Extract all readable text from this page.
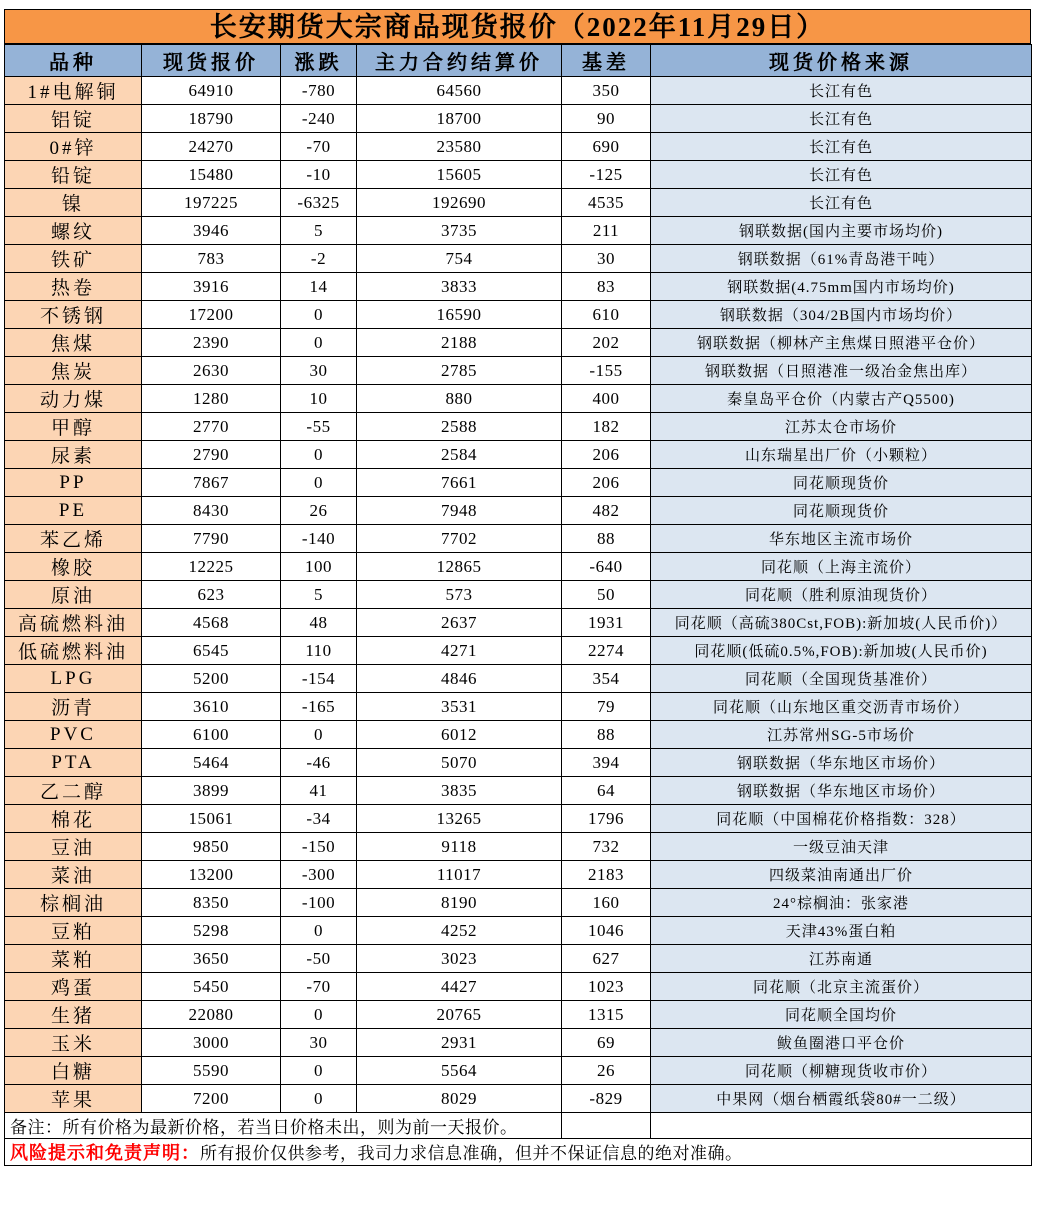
长安期货大宗商品现货报价（2022年11月29日）
品种	现货报价	涨跌	主力合约结算价	基差	现货价格来源
1#电解铜	64910	-780	64560	350	长江有色
铝锭	18790	-240	18700	90	长江有色
0#锌	24270	-70	23580	690	长江有色
铅锭	15480	-10	15605	-125	长江有色
镍	197225	-6325	192690	4535	长江有色
螺纹	3946	5	3735	211	钢联数据(国内主要市场均价)
铁矿	783	-2	754	30	钢联数据（61%青岛港干吨）
热卷	3916	14	3833	83	钢联数据(4.75mm国内市场均价)
不锈钢	17200	0	16590	610	钢联数据（304/2B国内市场均价）
焦煤	2390	0	2188	202	钢联数据（柳林产主焦煤日照港平仓价）
焦炭	2630	30	2785	-155	钢联数据（日照港准一级冶金焦出库）
动力煤	1280	10	880	400	秦皇岛平仓价（内蒙古产Q5500)
甲醇	2770	-55	2588	182	江苏太仓市场价
尿素	2790	0	2584	206	山东瑞星出厂价（小颗粒）
PP	7867	0	7661	206	同花顺现货价
PE	8430	26	7948	482	同花顺现货价
苯乙烯	7790	-140	7702	88	华东地区主流市场价
橡胶	12225	100	12865	-640	同花顺（上海主流价）
原油	623	5	573	50	同花顺（胜利原油现货价）
高硫燃料油	4568	48	2637	1931	同花顺（高硫380Cst,FOB):新加坡(人民币价)）
低硫燃料油	6545	110	4271	2274	同花顺(低硫0.5%,FOB):新加坡(人民币价)
LPG	5200	-154	4846	354	同花顺（全国现货基准价）
沥青	3610	-165	3531	79	同花顺（山东地区重交沥青市场价）
PVC	6100	0	6012	88	江苏常州SG-5市场价
PTA	5464	-46	5070	394	钢联数据（华东地区市场价）
乙二醇	3899	41	3835	64	钢联数据（华东地区市场价）
棉花	15061	-34	13265	1796	同花顺（中国棉花价格指数：328）
豆油	9850	-150	9118	732	一级豆油天津
菜油	13200	-300	11017	2183	四级菜油南通出厂价
棕榈油	8350	-100	8190	160	24°棕榈油：张家港
豆粕	5298	0	4252	1046	天津43%蛋白粕
菜粕	3650	-50	3023	627	江苏南通
鸡蛋	5450	-70	4427	1023	同花顺（北京主流蛋价）
生猪	22080	0	20765	1315	同花顺全国均价
玉米	3000	30	2931	69	鲅鱼圈港口平仓价
白糖	5590	0	5564	26	同花顺（柳糖现货收市价）
苹果	7200	0	8029	-829	中果网（烟台栖霞纸袋80#一二级）
备注：所有价格为最新价格，若当日价格未出，则为前一天报价。					
风险提示和免责声明：所有报价仅供参考，我司力求信息准确，但并不保证信息的绝对准确。					
